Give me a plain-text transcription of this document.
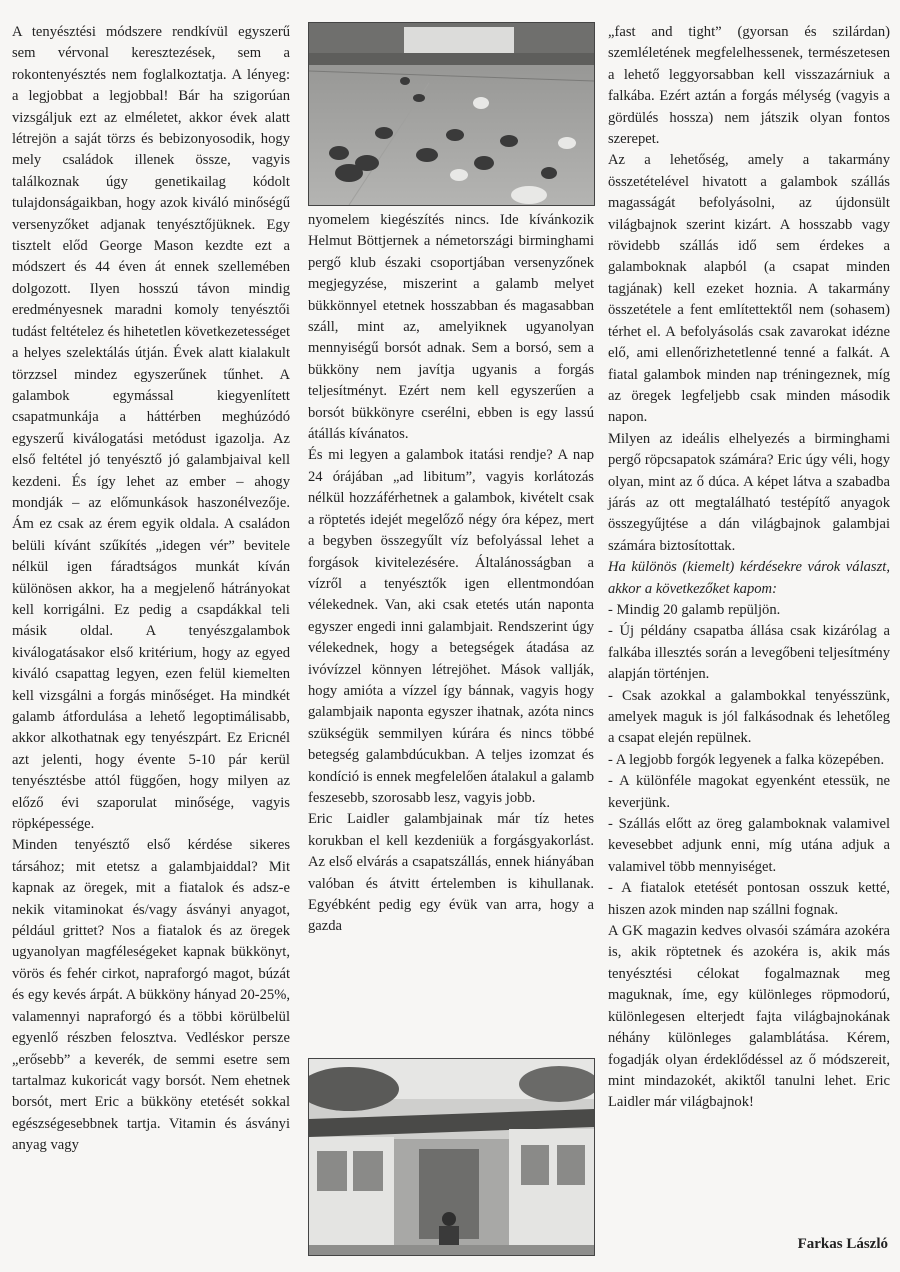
A tenyésztési módszere rendkívül egyszerű sem vérvonal keresztezések, sem a rokontenyésztés nem foglalkoztatja. A lényeg: a legjobbat a legjobbal! Bár ha szigorúan vizsgáljuk ezt az elméletet, akkor évek alatt létrejön a saját törzs és bebizonyosodik, hogy mely családok illenek össze, vagyis találkoznak úgy genetikailag kódolt tulajdonságaikban, hogy azok kiváló minőségű versenyzőket adjanak tenyésztőjüknek. Egy tisztelt előd George Mason kezdte ezt a módszert és 44 éven át ennek szellemében dolgozott. Ilyen hosszú távon mindig eredményesnek maradni komoly tenyésztői tudást feltételez és hihetetlen következetességet a helyes szelektálás útján. Évek alatt kialakult törzzsel mindez egyszerűnek tűnhet. A galambok egymással kiegyenlített csapatmunkája a háttérben meghúzódó egyszerű kiválogatási metódust igazolja. Az első feltétel jó tenyésztő jó galambjaival kell kezdeni. És így lehet az ember – ahogy mondják – az előmunkások haszonélvezője. Ám ez csak az érem egyik oldala. A családon belüli kívánt szűkítés „idegen vér” bevitele nélkül igen fáradtságos munkát kíván különösen akkor, ha a megjelenő hátrányokat kell korrigálni. Ez pedig a csapdákkal teli másik oldal. A tenyészgalambok kiválogatásakor első kritérium, hogy az egyed kiváló csapattag legyen, ezen felül kiemelten kell vizsgálni a forgás minőséget. Ha mindkét galamb átfordulása a lehető legoptimálisabb, akkor alkothatnak egy tenyészpárt. Ez Ericnél azt jelenti, hogy évente 5-10 pár kerül tenyésztésbe attól függően, hogy milyen az előző évi szaporulat minősége, vagyis röpképessége.

Minden tenyésztő első kérdése sikeres társához; mit etetsz a galambjaiddal? Mit kapnak az öregek, mit a fiatalok és adsz-e nekik vitaminokat és/vagy ásványi anyagot, például grittet? Nos a fiatalok és az öregek ugyanolyan magféleségeket kapnak bükkönyt, vörös és fehér cirkot, napraforgó magot, búzát és egy kevés árpát. A bükköny hányad 20-25%, valamennyi napraforgó és a többi körülbelül egyenlő részben felosztva. Vedléskor persze „erősebb” a keverék, de semmi esetre sem tartalmaz kukoricát vagy borsót. Nem ehetnek borsót, mert Eric a bükköny etetését sokkal egészségesebbnek tartja. Vitamin és ásványi anyag vagy

nyomelem kiegészítés nincs. Ide kívánkozik Helmut Böttjernek a németországi birminghami pergő klub északi csoportjában versenyzőnek megjegyzése, miszerint a galamb melyet bükkönnyel etetnek hosszabban és magasabban száll, mint az, amelyiknek ugyanolyan mennyiségű borsót adnak. Sem a borsó, sem a bükköny nem javítja ugyanis a forgás teljesítményt. Ezért nem kell egyszerűen a borsót bükkönyre cserélni, ebben is egy lassú átállás kívánatos.

És mi legyen a galambok itatási rendje? A nap 24 órájában „ad libitum”, vagyis korlátozás nélkül hozzáférhetnek a galambok, kivételt csak a röptetés idejét megelőző négy óra képez, mert a begyben összegyűlt víz befolyással lehet a forgások kivitelezésére. Általánosságban a vízről a tenyésztők igen ellentmondóan vélekednek. Van, aki csak etetés után naponta egyszer engedi inni galambjait. Rendszerint úgy vélekednek, hogy a betegségek átadása az ivóvízzel könnyen létrejöhet. Mások vallják, hogy amióta a vízzel így bánnak, vagyis hogy galambjaik naponta egyszer ihatnak, azóta nincs szükségük semmilyen kúrára és nincs többé betegség galambdúcukban. A teljes izomzat és kondíció is ennek megfelelően átalakul a galamb feszesebb, szorosabb lesz, vagyis jobb.

Eric Laidler galambjainak már tíz hetes korukban el kell kezdeniük a forgásgyakorlást. Az első elvárás a csapatszállás, ennek hiányában valóban és átvitt értelemben is kihullanak. Egyébként pedig egy évük van arra, hogy a gazda

„fast and tight” (gyorsan és szilárdan) szemléletének megfelelhessenek, természetesen a lehető leggyorsabban kell visszazárniuk a falkába. Ezért aztán a forgás mélység (vagyis a gördülés hossza) nem játszik olyan fontos szerepet.

Az a lehetőség, amely a takarmány összetételével hivatott a galambok szállás magasságát befolyásolni, az újdonsült világbajnok szerint kizárt. A hosszabb vagy rövidebb szállás idő sem érdekes a galamboknak alapból (a csapat minden tagjának) kell ezeket hoznia. A takarmány összetétele a fent említettektől nem (sohasem) térhet el. A befolyásolás csak zavarokat idézne elő, ami ellenőrizhetetlenné tenné a falkát. A fiatal galambok minden nap tréningeznek, míg az öregek legfeljebb csak minden második napon.

Milyen az ideális elhelyezés a birminghami pergő röpcsapatok számára? Eric úgy véli, hogy olyan, mint az ő dúca. A képet látva a szabadba járás az ott megtalálható testépítő anyagok összegyűjtése a dán világbajnok galambjai számára biztosítottak.

Ha különös (kiemelt) kérdésekre várok választ, akkor a következőket kapom:

- Mindig 20 galamb repüljön.

- Új példány csapatba állása csak kizárólag a falkába illesztés során a levegőbeni teljesítmény alapján történjen.

- Csak azokkal a galambokkal tenyésszünk, amelyek maguk is jól falkásodnak és lehetőleg a csapat elején repülnek.

- A legjobb forgók legyenek a falka közepében.

- A különféle magokat egyenként etessük, ne keverjünk.

- Szállás előtt az öreg galamboknak valamivel kevesebbet adjunk enni, míg utána adjuk a valamivel több mennyiséget.

- A fiatalok etetését pontosan osszuk ketté, hiszen azok minden nap szállni fognak.

A GK magazin kedves olvasói számára azokéra is, akik röptetnek és azokéra is, akik más tenyésztési célokat fogalmaznak meg maguknak, íme, egy különleges röpmodorú, különlegesen elterjedt fajta világbajnokának néhány különleges galamblátása. Kérem, fogadják olyan érdeklődéssel az ő módszereit, mint mindazokét, akiktől tanulni lehet. Eric Laidler már világbajnok!

Farkas László
